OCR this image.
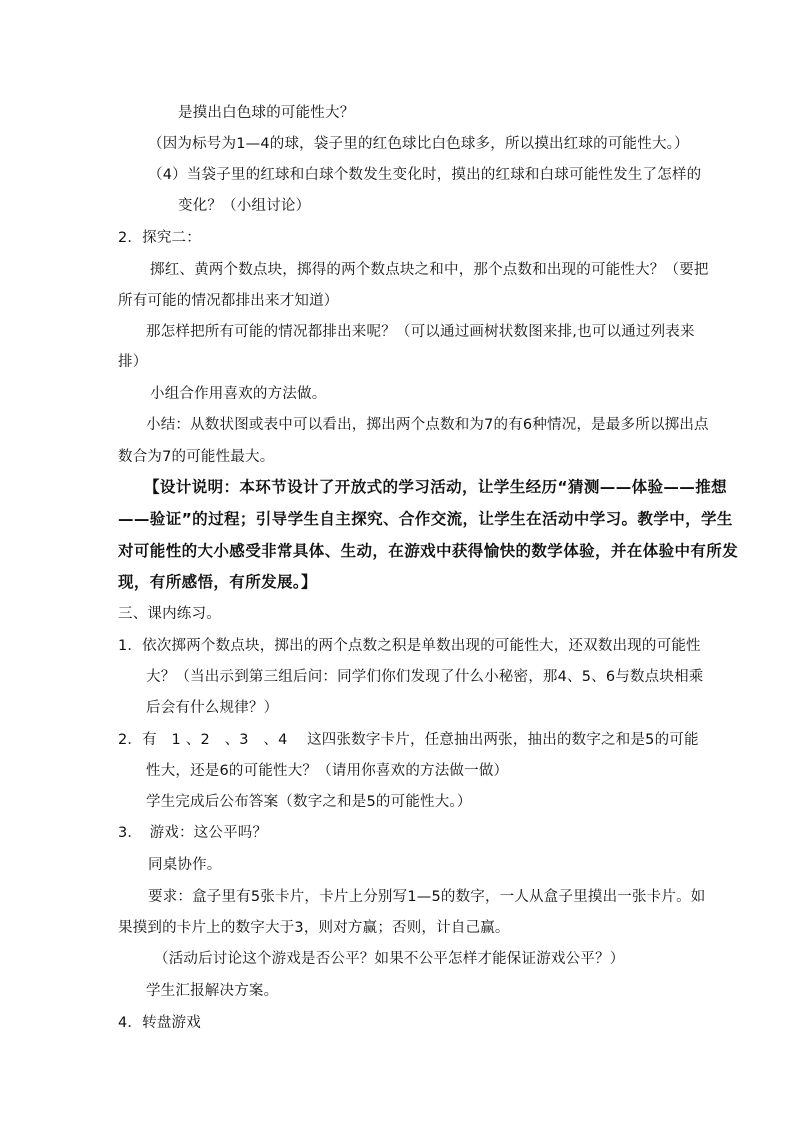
是摸出白色球的可能性大？

（因为标号为1—4的球，袋子里的红色球比白色球多，所以摸出红球的可能性大。）

（4）当袋子里的红球和白球个数发生变化时，摸出的红球和白球可能性发生了怎样的

变化？（小组讨论）

2．探究二：

掷红、黄两个数点块，掷得的两个数点块之和中，那个点数和出现的可能性大？（要把

所有可能的情况都排出来才知道）

那怎样把所有可能的情况都排出来呢？（可以通过画树状数图来排,也可以通过列表来

排）

小组合作用喜欢的方法做。

小结：从数状图或表中可以看出，掷出两个点数和为7的有6种情况，是最多所以掷出点

数合为7的可能性最大。

【设计说明：本环节设计了开放式的学习活动，让学生经历“猜测——体验——推想

——验证”的过程；引导学生自主探究、合作交流，让学生在活动中学习。教学中，学生

对可能性的大小感受非常具体、生动，在游戏中获得愉快的数学体验，并在体验中有所发

现，有所感悟，有所发展。】

三、课内练习。

1．依次掷两个数点块，掷出的两个点数之积是单数出现的可能性大，还双数出现的可能性

大？（当出示到第三组后问：同学们你们发现了什么小秘密，那4、5、6与数点块相乘

后会有什么规律？）

2．有　1 、2　、3　、4　 这四张数字卡片，任意抽出两张，抽出的数字之和是5的可能

性大，还是6的可能性大？（请用你喜欢的方法做一做）

学生完成后公布答案（数字之和是5的可能性大。）

3．　游戏：这公平吗？

同桌协作。

要求：盒子里有5张卡片，卡片上分别写1—5的数字，一人从盒子里摸出一张卡片。如

果摸到的卡片上的数字大于3，则对方赢；否则，计自己赢。

（活动后讨论这个游戏是否公平？如果不公平怎样才能保证游戏公平？）

学生汇报解决方案。

4．转盘游戏
